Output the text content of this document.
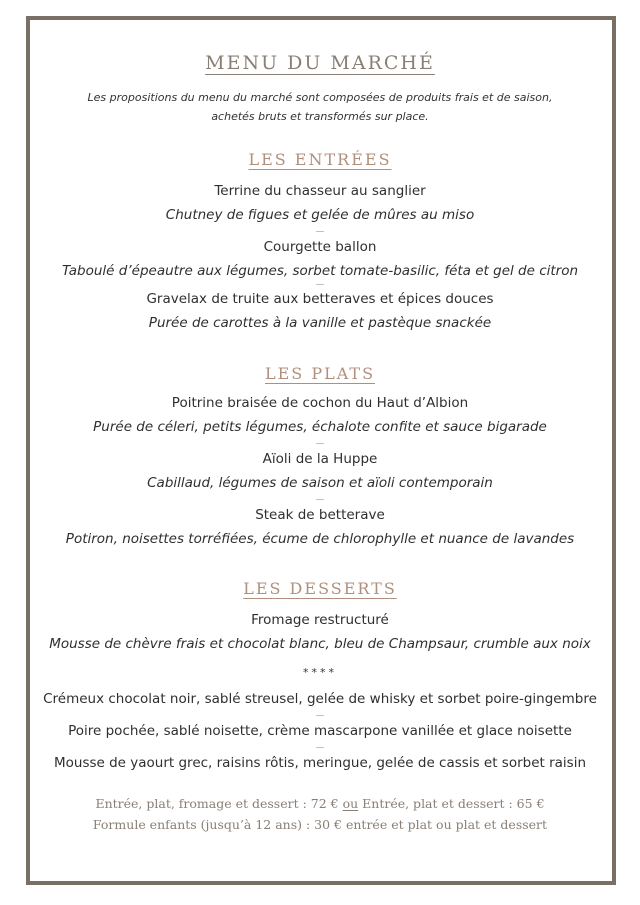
MENU DU MARCHÉ
Les propositions du menu du marché sont composées de produits frais et de saison,
achetés bruts et transformés sur place.
LES ENTRÉES
Terrine du chasseur au sanglier
Chutney de figues et gelée de mûres au miso
Courgette ballon
Taboulé d’épeautre aux légumes, sorbet tomate-basilic, féta et gel de citron
Gravelax de truite aux betteraves et épices douces
Purée de carottes à la vanille et pastèque snackée
LES PLATS
Poitrine braisée de cochon du Haut d’Albion
Purée de céleri, petits légumes, échalote confite et sauce bigarade
Aïoli de la Huppe
Cabillaud, légumes de saison et aïoli contemporain
Steak de betterave
Potiron, noisettes torréfiées, écume de chlorophylle et nuance de lavandes
LES DESSERTS
Fromage restructuré
Mousse de chèvre frais et chocolat blanc, bleu de Champsaur, crumble aux noix
****
Crémeux chocolat noir, sablé streusel, gelée de whisky et sorbet poire-gingembre
Poire pochée, sablé noisette, crème mascarpone vanillée et glace noisette
Mousse de yaourt grec, raisins rôtis, meringue, gelée de cassis et sorbet raisin
Entrée, plat, fromage et dessert : 72 € ou Entrée, plat et dessert : 65 €
Formule enfants (jusqu’à 12 ans) : 30 € entrée et plat ou plat et dessert
